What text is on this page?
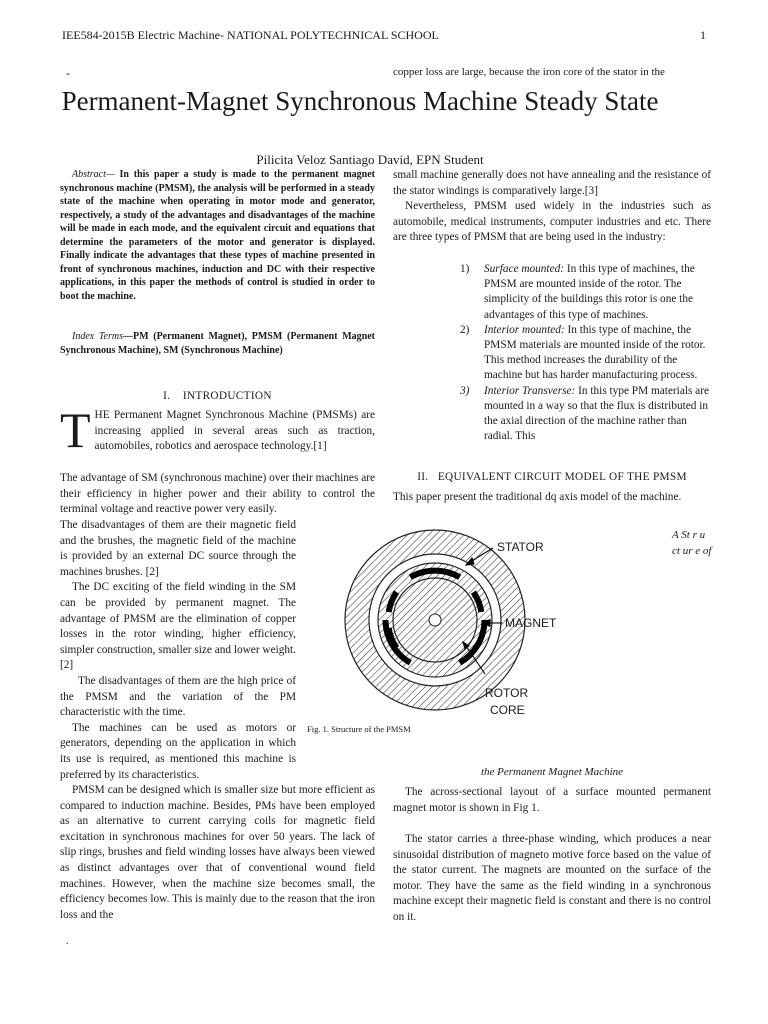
IEE584-2015B Electric Machine- NATIONAL POLYTECHNICAL SCHOOL	1
-	copper loss are large, because the iron core of the stator in the
Permanent-Magnet Synchronous Machine Steady State
Pilicita Veloz Santiago David, EPN Student

Abstract— In this paper a study is made to the permanent magnet synchronous machine (PMSM), the analysis will be performed in a steady state of the machine when operating in motor mode and generator, respectively, a study of the advantages and disadvantages of the machine will be made in each mode, and the equivalent circuit and equations that determine the parameters of the motor and generator is displayed. Finally indicate the advantages that these types of machine presented in front of synchronous machines, induction and DC with their respective applications, in this paper the methods of control is studied in order to boot the machine.

Index Terms—PM (Permanent Magnet), PMSM (Permanent Magnet Synchronous Machine), SM (Synchronous Machine)

I. INTRODUCTION

THE Permanent Magnet Synchronous Machine (PMSMs) are increasing applied in several areas such as traction, automobiles, robotics and aerospace technology.[1]

The advantage of SM (synchronous machine) over their machines are their efficiency in higher power and their ability to control the terminal voltage and reactive power very easily.

The disadvantages of them are their magnetic field and the brushes, the magnetic field of the machine is provided by an external DC source through the machines brushes. [2]

The DC exciting of the field winding in the SM can be provided by permanent magnet. The advantage of PMSM are the elimination of copper losses in the rotor winding, higher efficiency, simpler construction, smaller size and lower weight.[2]

The disadvantages of them are the high price of the PMSM and the variation of the PM characteristic with the time.

The machines can be used as motors or generators, depending on the application in which its use is required, as mentioned this machine is preferred by its characteristics.

PMSM can be designed which is smaller size but more efficient as compared to induction machine. Besides, PMs have been employed as an alternative to current carrying coils for magnetic field excitation in synchronous machines for over 50 years. The lack of slip rings, brushes and field winding losses have always been viewed as distinct advantages over that of conventional wound field machines. However, when the machine size becomes small, the efficiency becomes low. This is mainly due to the reason that the iron loss and the

small machine generally does not have annealing and the resistance of the stator windings is comparatively large.[3]

Nevertheless, PMSM used widely in the industries such as automobile, medical instruments, computer industries and etc. There are three types of PMSM that are being used in the industry:

1) Surface mounted: In this type of machines, the PMSM are mounted inside of the rotor. The simplicity of the buildings this rotor is one the advantages of this type of machines.
2) Interior mounted: In this type of machine, the PMSM materials are mounted inside of the rotor. This method increases the durability of the machine but has harder manufacturing process.
3) Interior Transverse: In this type PM materials are mounted in a way so that the flux is distributed in the axial direction of the machine rather than radial. This
II. EQUIVALENT CIRCUIT MODEL OF THE PMSM

This paper present the traditional dq axis model of the machine.

STATOR
MAGNET
ROTOR
CORE
Fig. 1. Structure of the PMSM
A St r u ct ur e of
the Permanent Magnet Machine

The across-sectional layout of a surface mounted permanent magnet motor is shown in Fig 1.

The stator carries a three-phase winding, which produces a near sinusoidal distribution of magneto motive force based on the value of the stator current. The magnets are mounted on the surface of the motor. They have the same as the field winding in a synchronous machine except their magnetic field is constant and there is no control on it.

.
